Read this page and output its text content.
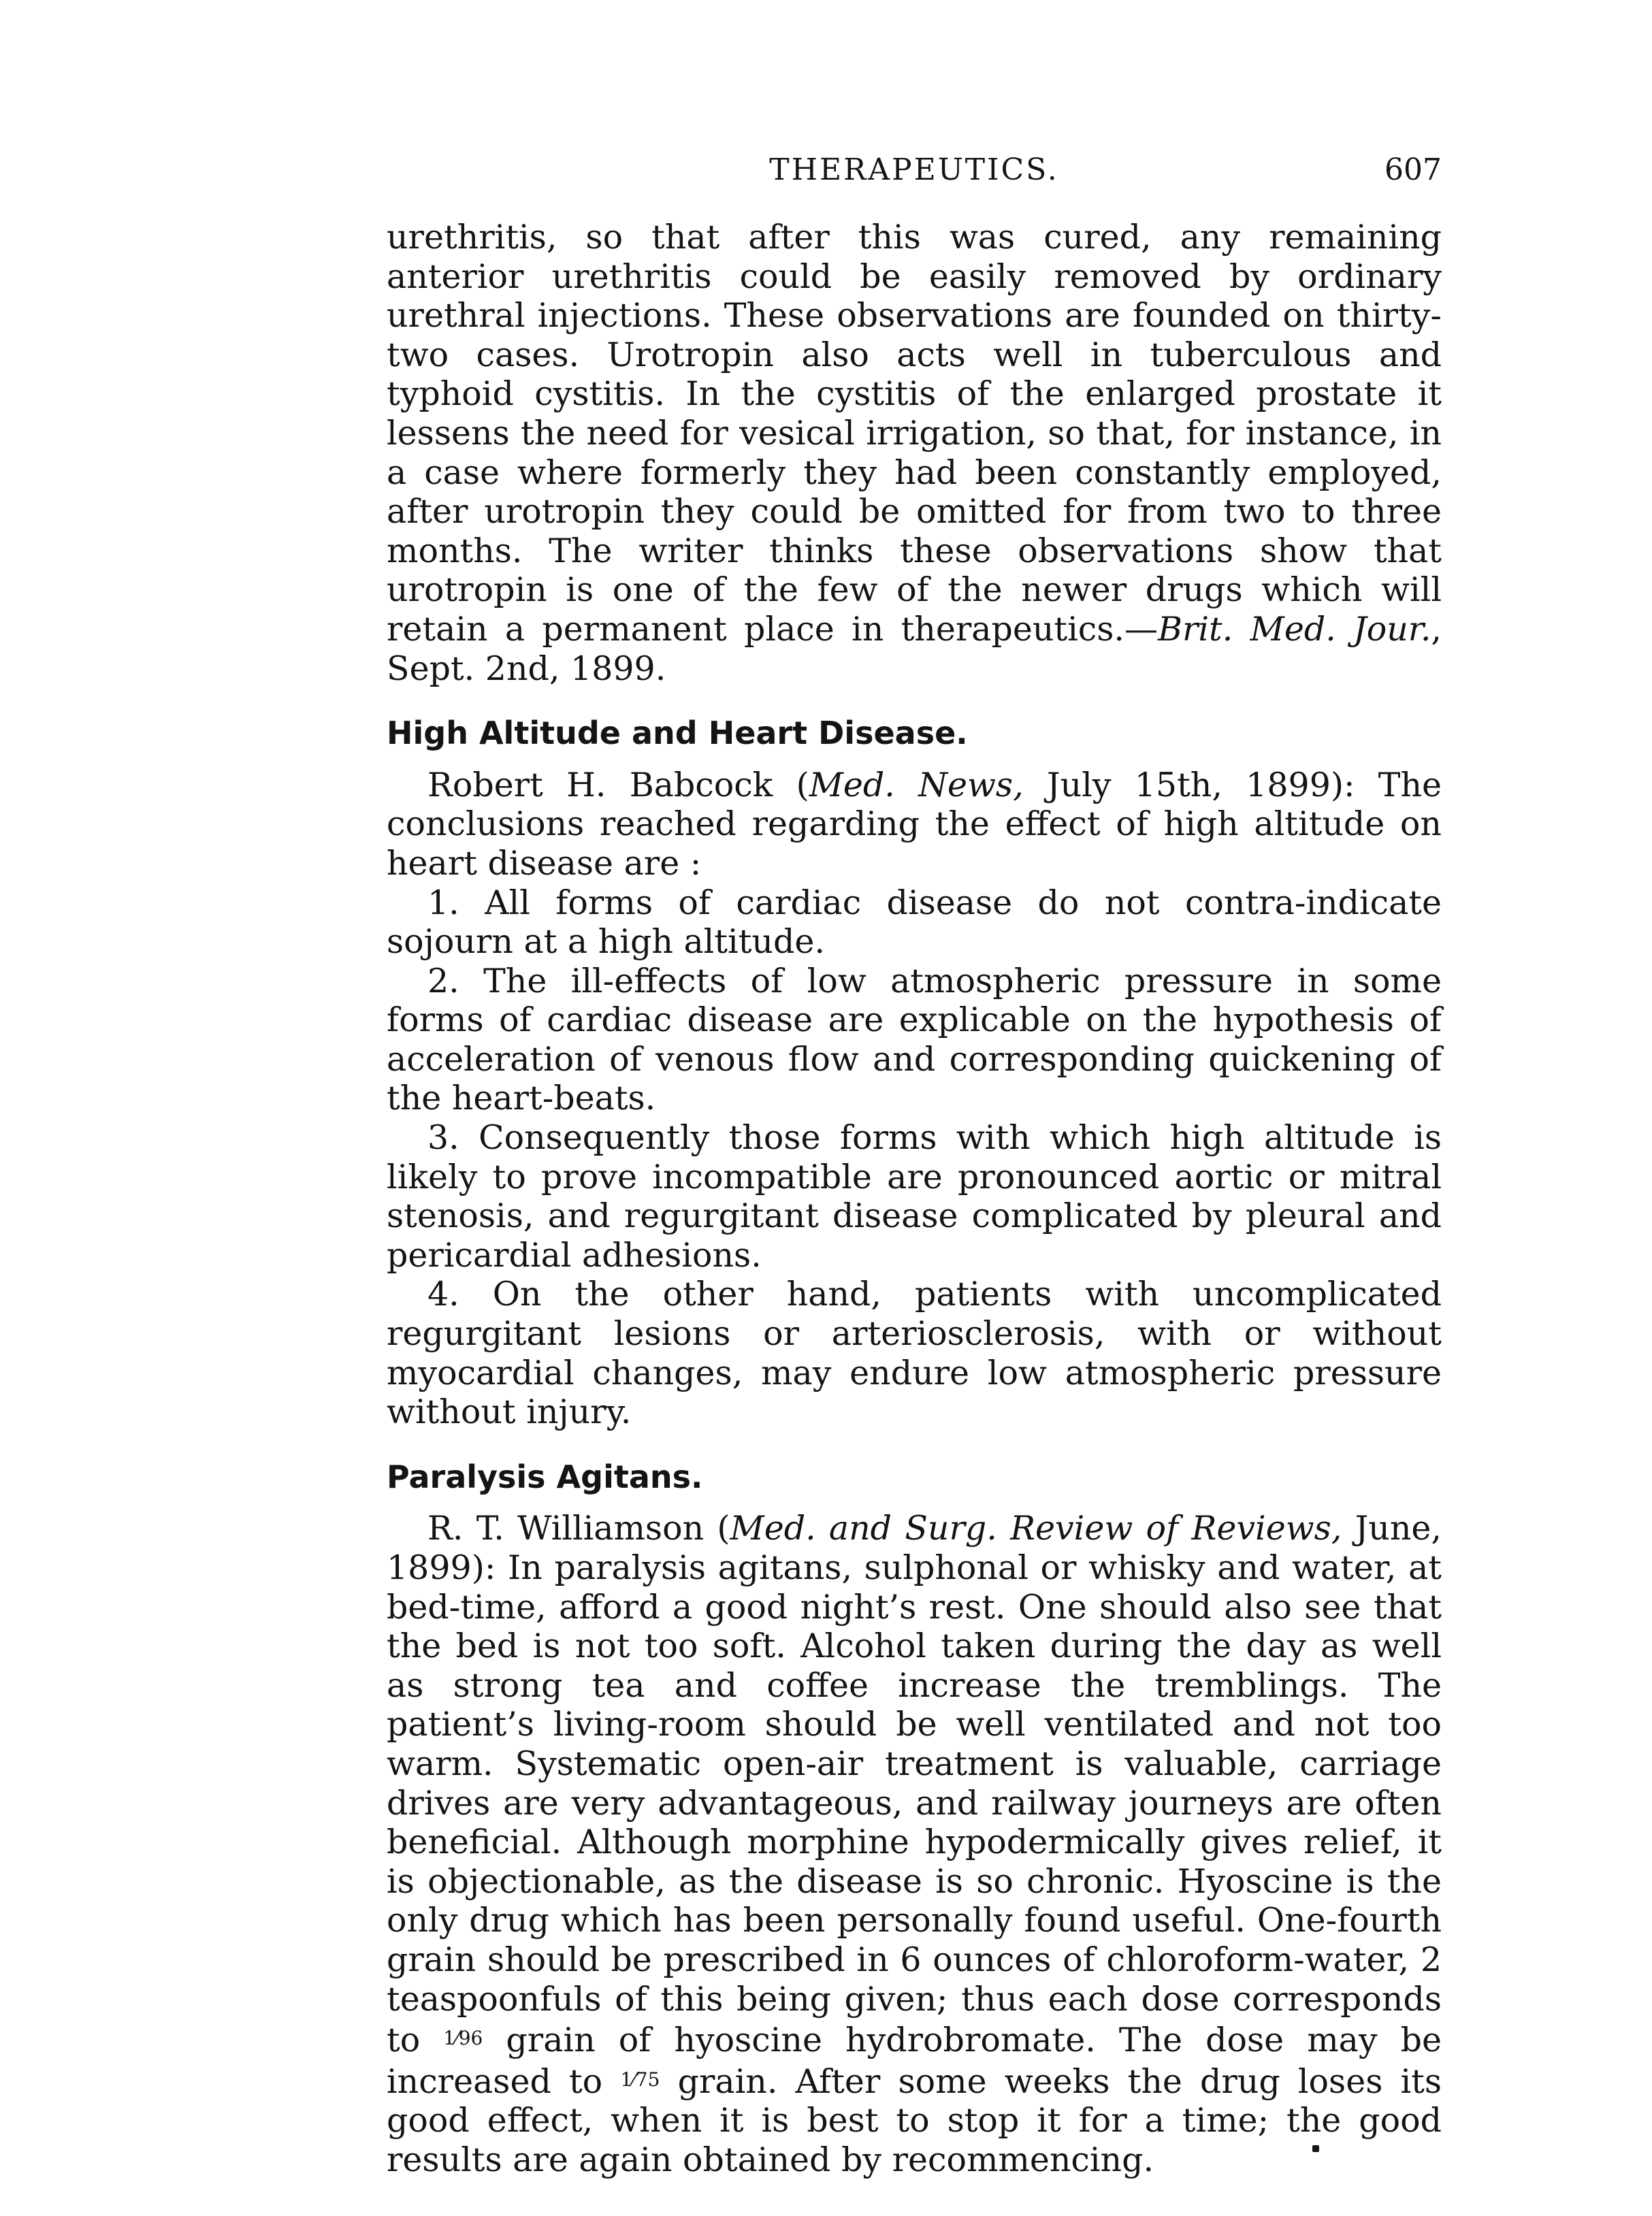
THERAPEUTICS.	607

urethritis, so that after this was cured, any remaining anterior urethritis could be easily removed by ordinary urethral injections. These observations are founded on thirty-two cases. Urotropin also acts well in tuberculous and typhoid cystitis. In the cystitis of the enlarged prostate it lessens the need for vesical irrigation, so that, for instance, in a case where formerly they had been constantly employed, after urotropin they could be omitted for from two to three months. The writer thinks these observations show that urotropin is one of the few of the newer drugs which will retain a permanent place in therapeutics.—Brit. Med. Jour., Sept. 2nd, 1899.

High Altitude and Heart Disease.

Robert H. Babcock (Med. News, July 15th, 1899): The conclusions reached regarding the effect of high altitude on heart disease are :

1. All forms of cardiac disease do not contra-indicate sojourn at a high altitude.

2. The ill-effects of low atmospheric pressure in some forms of cardiac disease are explicable on the hypothesis of acceleration of venous flow and corresponding quickening of the heart-beats.

3. Consequently those forms with which high altitude is likely to prove incompatible are pronounced aortic or mitral stenosis, and regurgitant disease complicated by pleural and pericardial adhesions.

4. On the other hand, patients with uncomplicated regurgitant lesions or arteriosclerosis, with or without myocardial changes, may endure low atmospheric pressure without injury.

Paralysis Agitans.

R. T. Williamson (Med. and Surg. Review of Reviews, June, 1899): In paralysis agitans, sulphonal or whisky and water, at bed-time, afford a good night’s rest. One should also see that the bed is not too soft. Alcohol taken during the day as well as strong tea and coffee increase the tremblings. The patient’s living-room should be well ventilated and not too warm. Systematic open-air treatment is valuable, carriage drives are very advantageous, and railway journeys are often beneficial. Although morphine hypodermically gives relief, it is objectionable, as the disease is so chronic. Hyoscine is the only drug which has been personally found useful. One-fourth grain should be prescribed in 6 ounces of chloroform-water, 2 teaspoonfuls of this being given; thus each dose corresponds to $^{1⁄96}$ grain of hyoscine hydrobromate. The dose may be increased to $^{1⁄75}$ grain. After some weeks the drug loses its good effect, when it is best to stop it for a time; the good results are again obtained by recommencing.
